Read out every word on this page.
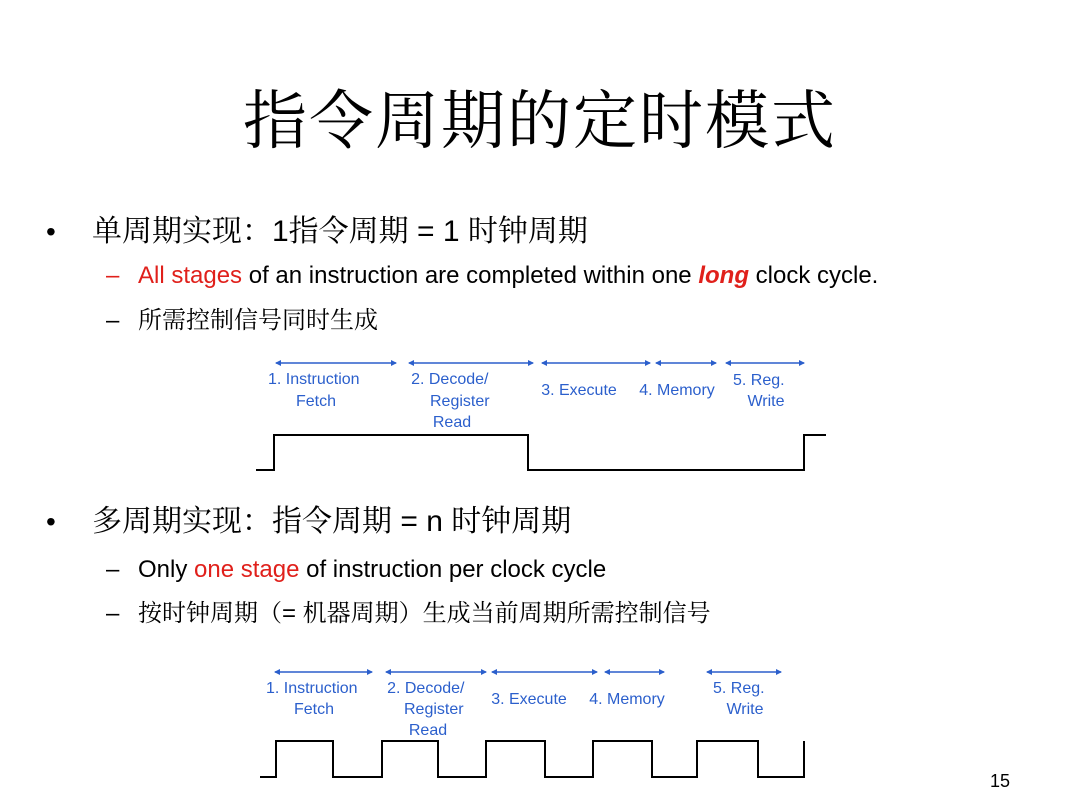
指令周期的定时模式
• 单周期实现：1指令周期 = 1 时钟周期
– All stages of an instruction are completed within one long clock cycle.
– 所需控制信号同时生成
1. Instruction Fetch
2. Decode/ Register Read
3. Execute 4. Memory
5. Reg. Write
• 多周期实现：指令周期 = n 时钟周期
– Only one stage of instruction per clock cycle
– 按时钟周期（= 机器周期）生成当前周期所需控制信号
1. Instruction Fetch
2. Decode/ Register Read
3. Execute 4. Memory
5. Reg. Write
15
